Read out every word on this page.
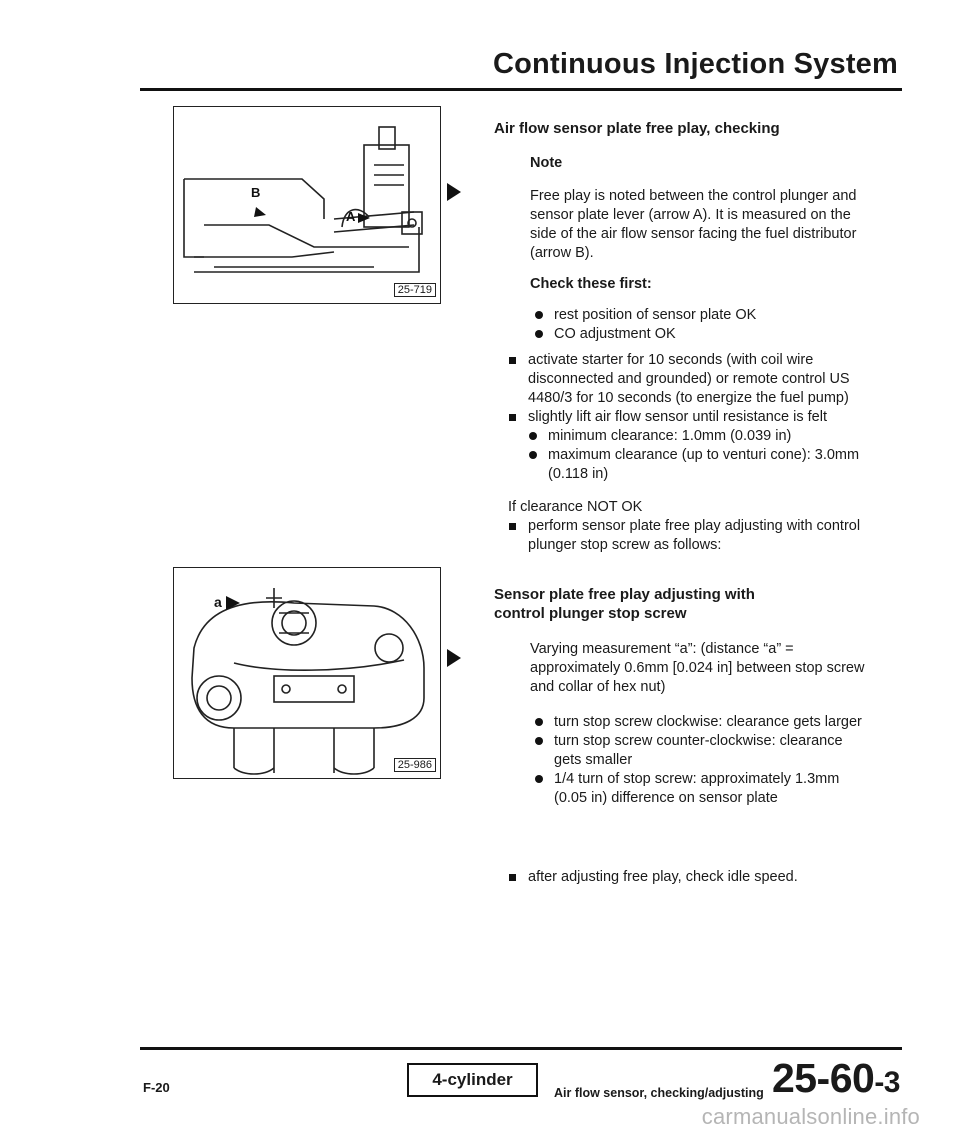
Continuous Injection System
B
A
25-719
a
25-986
Air flow sensor plate free play, checking
Note
Free play is noted between the control plunger and sensor plate lever (arrow A). It is measured on the side of the air flow sensor facing the fuel distributor (arrow B).
Check these first:
rest position of sensor plate OK
CO adjustment OK
activate starter for 10 seconds (with coil wire disconnected and grounded) or remote control US 4480/3 for 10 seconds (to energize the fuel pump)
slightly lift air flow sensor until resistance is felt
minimum clearance: 1.0mm (0.039 in)
maximum clearance (up to venturi cone): 3.0mm (0.118 in)
If clearance NOT OK
perform sensor plate free play adjusting with control plunger stop screw as follows:
Sensor plate free play adjusting with control plunger stop screw
Varying measurement “a”: (distance “a” = approximately 0.6mm [0.024 in] between stop screw and collar of hex nut)
turn stop screw clockwise: clearance gets larger
turn stop screw counter-clockwise: clearance gets smaller
1/4 turn of stop screw: approximately 1.3mm (0.05 in) difference on sensor plate
after adjusting free play, check idle speed.
F-20	4-cylinder
Air flow sensor, checking/adjusting 25-60-3
carmanualsonline.info
